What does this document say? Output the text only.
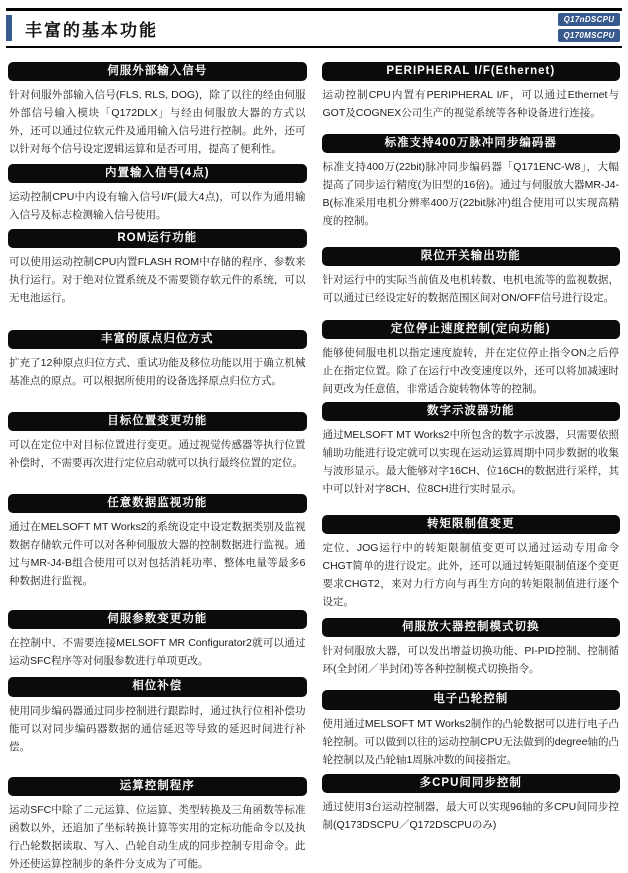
丰富的基本功能
Q17nDSCPU
Q170MSCPU
伺服外部输入信号

针对伺服外部输入信号(FLS, RLS, DOG)，除了以往的经由伺服外部信号输入模块「Q172DLX」与经由伺服放大器的方式以外，还可以通过位软元件及通用输入信号进行控制。此外，还可以针对每个信号设定逻辑运算和是否可用，提高了便利性。

内置输入信号(4点)

运动控制CPU中内设有输入信号I/F(最大4点)，可以作为通用输入信号及标志检测输入信号使用。

ROM运行功能

可以使用运动控制CPU内置FLASH ROM中存储的程序、参数来执行运行。对于绝对位置系统及不需要锁存软元件的系统，可以无电池运行。

丰富的原点归位方式

扩充了12种原点归位方式、重试功能及移位功能以用于确立机械基准点的原点。可以根据所使用的设备选择原点归位方式。

目标位置变更功能

可以在定位中对目标位置进行变更。通过视觉传感器等执行位置补偿时，不需要再次进行定位启动就可以执行最终位置的定位。

任意数据监视功能

通过在MELSOFT MT Works2的系统设定中设定数据类别及监视数据存储软元件可以对各种伺服放大器的控制数据进行监视。通过与MR-J4-B组合使用可以对包括消耗功率、整体电量等最多6种数据进行监视。

伺服参数变更功能

在控制中、不需要连接MELSOFT MR Configurator2就可以通过运动SFC程序等对伺服参数进行单项更改。

相位补偿

使用同步编码器通过同步控制进行跟踪时，通过执行位相补偿功能可以对同步编码器数据的通信延迟等导致的延迟时间进行补偿。

运算控制程序

运动SFC中除了二元运算、位运算、类型转换及三角函数等标准函数以外，还追加了坐标转换计算等实用的定标功能命令以及执行凸轮数据读取、写入、凸轮自动生成的同步控制专用命令。此外还使运算控制步的条件分支成为了可能。

PERIPHERAL I/F(Ethernet)

运动控制CPU内置有PERIPHERAL I/F，可以通过Ethernet与GOT及COGNEX公司生产的视觉系统等各种设备进行连接。

标准支持400万脉冲同步编码器

标准支持400万(22bit)脉冲同步编码器「Q171ENC-W8」，大幅提高了同步运行精度(为旧型的16倍)。通过与伺服放大器MR-J4-B(标准采用电机分辨率400万(22bit脉冲)组合使用可以实现高精度的控制。

限位开关输出功能

针对运行中的实际当前值及电机转数、电机电流等的监视数据，可以通过已经设定好的数据范围区间对ON/OFF信号进行设定。

定位停止速度控制(定向功能)

能够使伺服电机以指定速度旋转，并在定位停止指令ON之后停止在指定位置。除了在运行中改变速度以外，还可以将加减速时间更改为任意值，非常适合旋转物体等的控制。

数字示波器功能

通过MELSOFT MT Works2中所包含的数字示波器，只需要依照辅助功能进行设定就可以实现在运动运算周期中同步数据的收集与波形显示。最大能够对字16CH、位16CH的数据进行采样，其中可以针对字8CH、位8CH进行实时显示。

转矩限制值变更

定位、JOG运行中的转矩限制值变更可以通过运动专用命令CHGT简单的进行设定。此外，还可以通过转矩限制值逐个变更要求CHGT2，来对力行方向与再生方向的转矩限制值进行逐个设定。

伺服放大器控制模式切换

针对伺服放大器，可以发出增益切换功能、PI-PID控制、控制循环(全封闭／半封闭)等各种控制模式切换指令。

电子凸轮控制

使用通过MELSOFT MT Works2制作的凸轮数据可以进行电子凸轮控制。可以做到以往的运动控制CPU无法做到的degree轴的凸轮控制以及凸轮轴1周脉冲数的间接指定。

多CPU间同步控制

通过使用3台运动控制器，最大可以实现96轴的多CPU间同步控制(Q173DSCPU／Q172DSCPUのみ)
